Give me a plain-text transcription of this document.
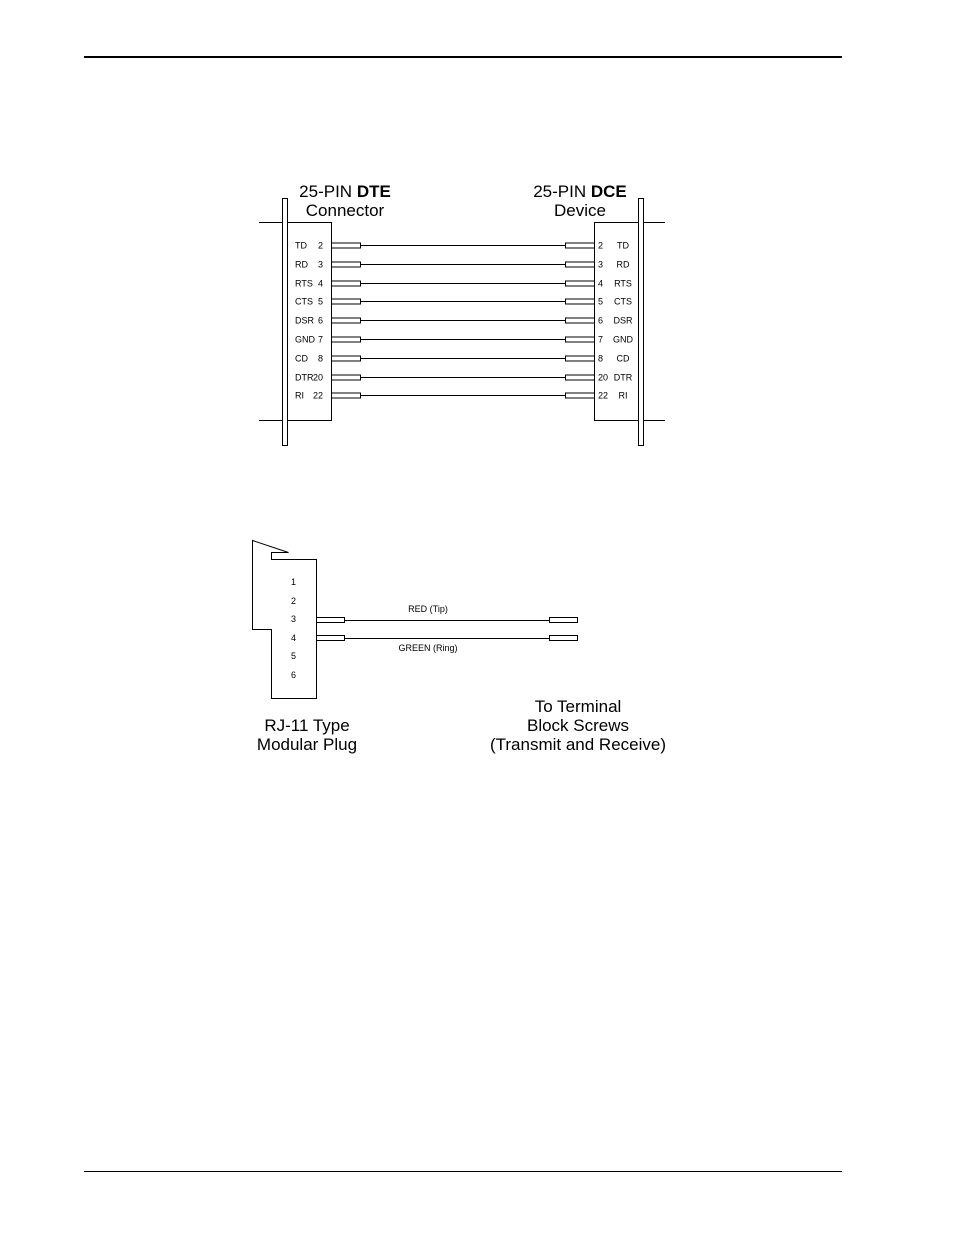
25-PIN DTE
Connector
25-PIN DCE
Device
TD 2	2 TD
RD 3	3 RD
RTS 4	4 RTS
CTS 5	5 CTS
DSR 6	6 DSR
GND 7	7 GND
CD 8	8 CD
DTR 20	20 DTR
RI 22	22 RI
1
2
3
4
5
6
RED (Tip)
GREEN (Ring)
RJ-11 Type
Modular Plug
To Terminal
Block Screws
(Transmit and Receive)
